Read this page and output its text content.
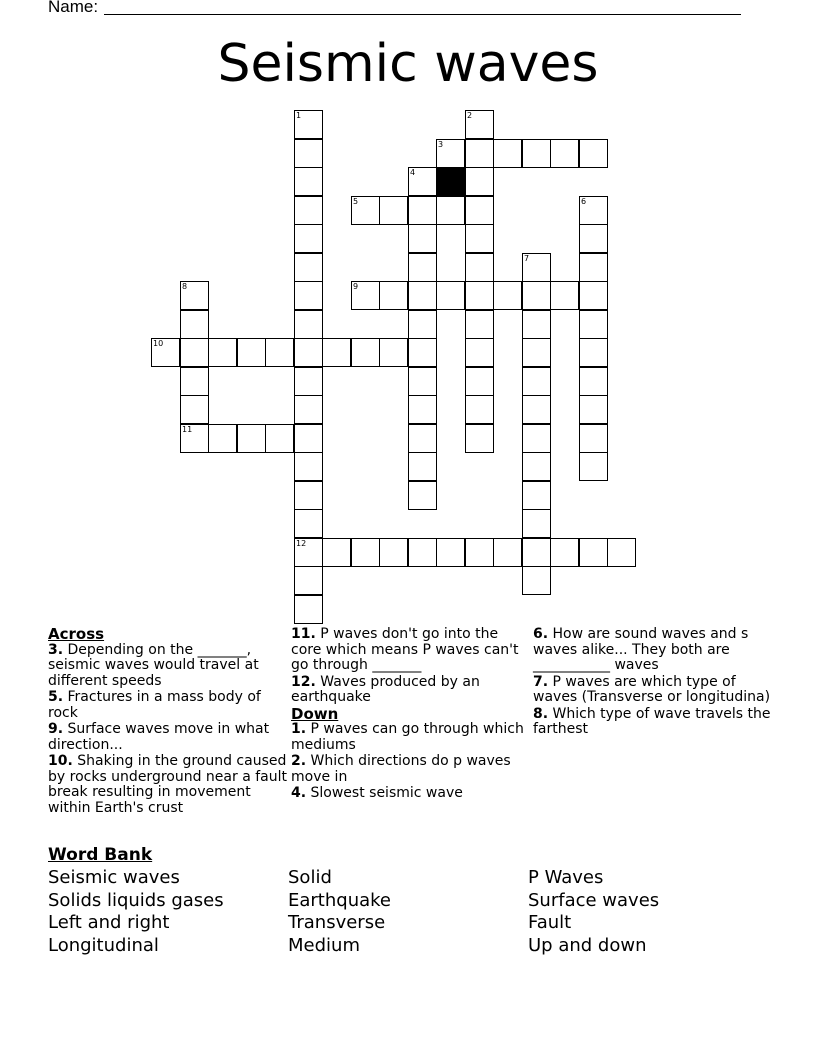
Name:
Seismic waves
1
12
2
3
4
5	6
7
8
11
9
10
Across
3. Depending on the _______, seismic waves would travel at different speeds
5. Fractures in a mass body of rock
9. Surface waves move in what direction...
10. Shaking in the ground caused by rocks underground near a fault break resulting in movement within Earth's crust
11. P waves don't go into the core which means P waves can't go through _______
12. Waves produced by an earthquake
Down
1. P waves can go through which mediums
2. Which directions do p waves move in
4. Slowest seismic wave
6. How are sound waves and s waves alike... They both are ___________ waves
7. P waves are which type of waves (Transverse or longitudina)
8. Which type of wave travels the farthest
Word Bank
Seismic waves
Solids liquids gases
Left and right
Longitudinal
Solid
Earthquake
Transverse
Medium
P Waves
Surface waves
Fault
Up and down
